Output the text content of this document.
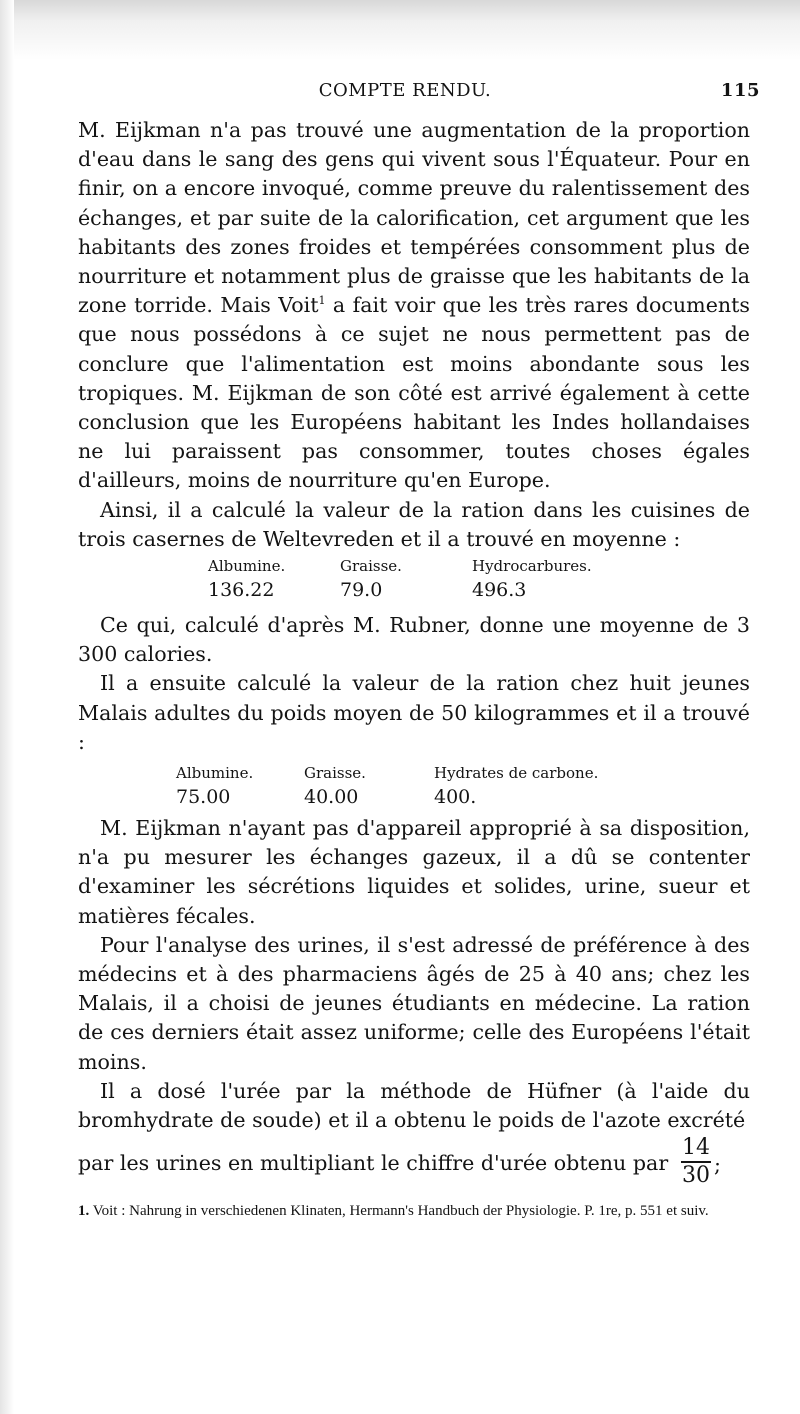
COMPTE RENDU.	115

M. Eijkman n'a pas trouvé une augmentation de la proportion d'eau dans le sang des gens qui vivent sous l'Équateur. Pour en finir, on a encore invoqué, comme preuve du ralentissement des échanges, et par suite de la calorification, cet argument que les habitants des zones froides et tempérées consomment plus de nourriture et notamment plus de graisse que les habitants de la zone torride. Mais Voit$^1$ a fait voir que les très rares documents que nous possédons à ce sujet ne nous permettent pas de conclure que l'alimentation est moins abondante sous les tropiques. M. Eijkman de son côté est arrivé également à cette conclusion que les Européens habitant les Indes hollandaises ne lui paraissent pas consommer, toutes choses égales d'ailleurs, moins de nourriture qu'en Europe.

Ainsi, il a calculé la valeur de la ration dans les cuisines de trois casernes de Weltevreden et il a trouvé en moyenne :

Albumine.	Graisse.	Hydrocarbures.
136.22	79.0	496.3

Ce qui, calculé d'après M. Rubner, donne une moyenne de 3 300 calories.

Il a ensuite calculé la valeur de la ration chez huit jeunes Malais adultes du poids moyen de 50 kilogrammes et il a trouvé :

Albumine.	Graisse.	Hydrates de carbone.
75.00	40.00	400.

M. Eijkman n'ayant pas d'appareil approprié à sa disposition, n'a pu mesurer les échanges gazeux, il a dû se contenter d'examiner les sécrétions liquides et solides, urine, sueur et matières fécales.

Pour l'analyse des urines, il s'est adressé de préférence à des médecins et à des pharmaciens âgés de 25 à 40 ans; chez les Malais, il a choisi de jeunes étudiants en médecine. La ration de ces derniers était assez uniforme; celle des Européens l'était moins.

Il a dosé l'urée par la méthode de Hüfner (à l'aide du bromhydrate de soude) et il a obtenu le poids de l'azote excrété

par les urines en multipliant le chiffre d'urée obtenu par $\frac{14}{30}$ ;

1. Voit : Nahrung in verschiedenen Klinaten, Hermann's Handbuch der Physiologie. P. 1re, p. 551 et suiv.
